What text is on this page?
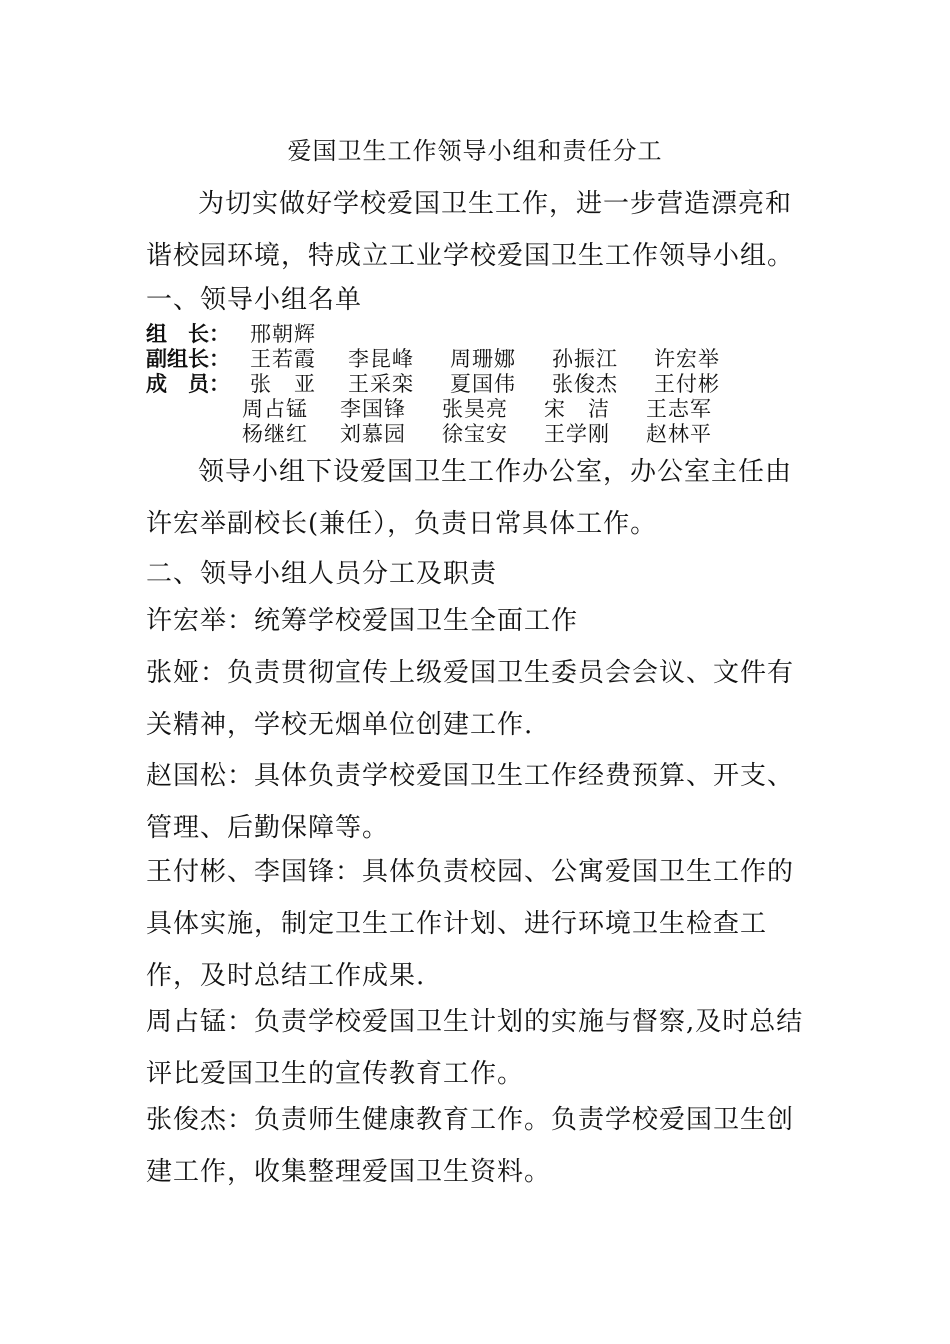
爱国卫生工作领导小组和责任分工

为切实做好学校爱国卫生工作，进一步营造漂亮和谐校园环境，特成立工业学校爱国卫生工作领导小组。

一、领导小组名单
组　长： 邢朝辉
副组长： 王若霞	李昆峰	周珊娜	孙振江	许宏举
成　员： 张　亚	王采栾	夏国伟	张俊杰	王付彬
周占锰	李国锋	张昊亮	宋　洁	王志军
杨继红	刘慕园	徐宝安	王学刚	赵林平

领导小组下设爱国卫生工作办公室，办公室主任由许宏举副校长(兼任），负责日常具体工作。

二、领导小组人员分工及职责

许宏举：统筹学校爱国卫生全面工作

张娅：负责贯彻宣传上级爱国卫生委员会会议、文件有关精神，学校无烟单位创建工作.

赵国松：具体负责学校爱国卫生工作经费预算、开支、管理、后勤保障等。

王付彬、李国锋：具体负责校园、公寓爱国卫生工作的具体实施，制定卫生工作计划、进行环境卫生检查工作，及时总结工作成果.

周占锰：负责学校爱国卫生计划的实施与督察,及时总结评比爱国卫生的宣传教育工作。

张俊杰：负责师生健康教育工作。负责学校爱国卫生创建工作，收集整理爱国卫生资料。
